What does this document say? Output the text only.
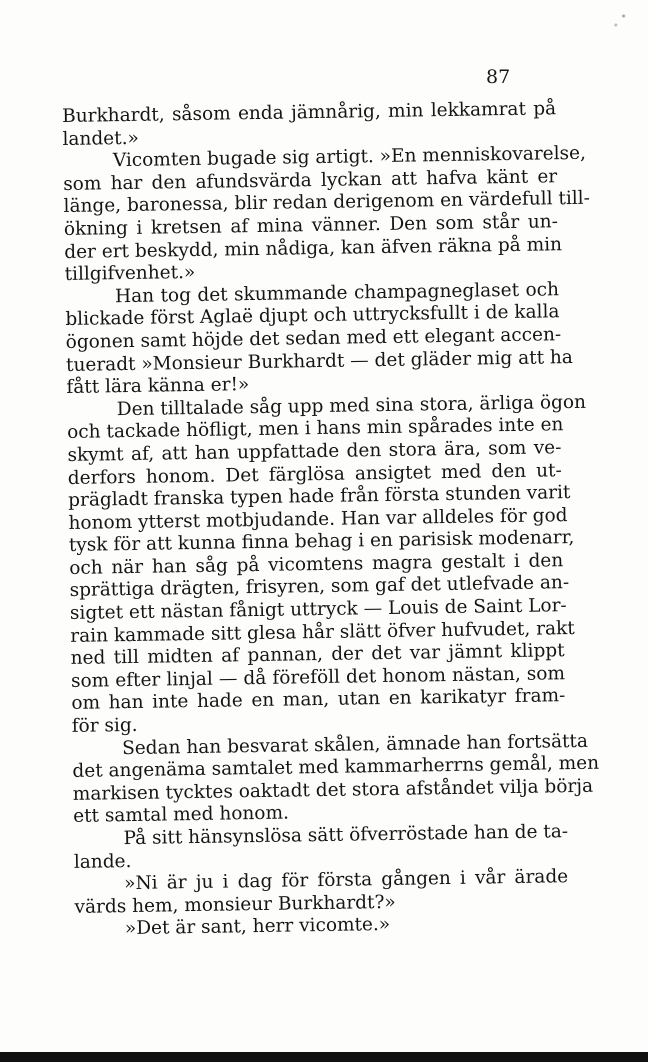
87
Burkhardt, såsom enda jämnårig, min lekkamrat på
landet.»
Vicomten bugade sig artigt. »En menniskovarelse,
som har den afundsvärda lyckan att hafva känt er
länge, baronessa, blir redan derigenom en värdefull till-
ökning i kretsen af mina vänner. Den som står un-
der ert beskydd, min nådiga, kan äfven räkna på min
tillgifvenhet.»
Han tog det skummande champagneglaset och
blickade först Aglaë djupt och uttrycksfullt i de kalla
ögonen samt höjde det sedan med ett elegant accen-
tueradt »Monsieur Burkhardt — det gläder mig att ha
fått lära känna er!»
Den tilltalade såg upp med sina stora, ärliga ögon
och tackade höfligt, men i hans min spårades inte en
skymt af, att han uppfattade den stora ära, som ve-
derfors honom. Det färglösa ansigtet med den ut-
prägladt franska typen hade från första stunden varit
honom ytterst motbjudande. Han var alldeles för god
tysk för att kunna finna behag i en parisisk modenarr,
och när han såg på vicomtens magra gestalt i den
sprättiga drägten, frisyren, som gaf det utlefvade an-
sigtet ett nästan fånigt uttryck — Louis de Saint Lor-
rain kammade sitt glesa hår slätt öfver hufvudet, rakt
ned till midten af pannan, der det var jämnt klippt
som efter linjal — då föreföll det honom nästan, som
om han inte hade en man, utan en karikatyr fram-
för sig.
Sedan han besvarat skålen, ämnade han fortsätta
det angenäma samtalet med kammarherrns gemål, men
markisen tycktes oaktadt det stora afståndet vilja börja
ett samtal med honom.
På sitt hänsynslösa sätt öfverröstade han de ta-
lande.
»Ni är ju i dag för första gången i vår ärade
värds hem, monsieur Burkhardt?»
»Det är sant, herr vicomte.»
